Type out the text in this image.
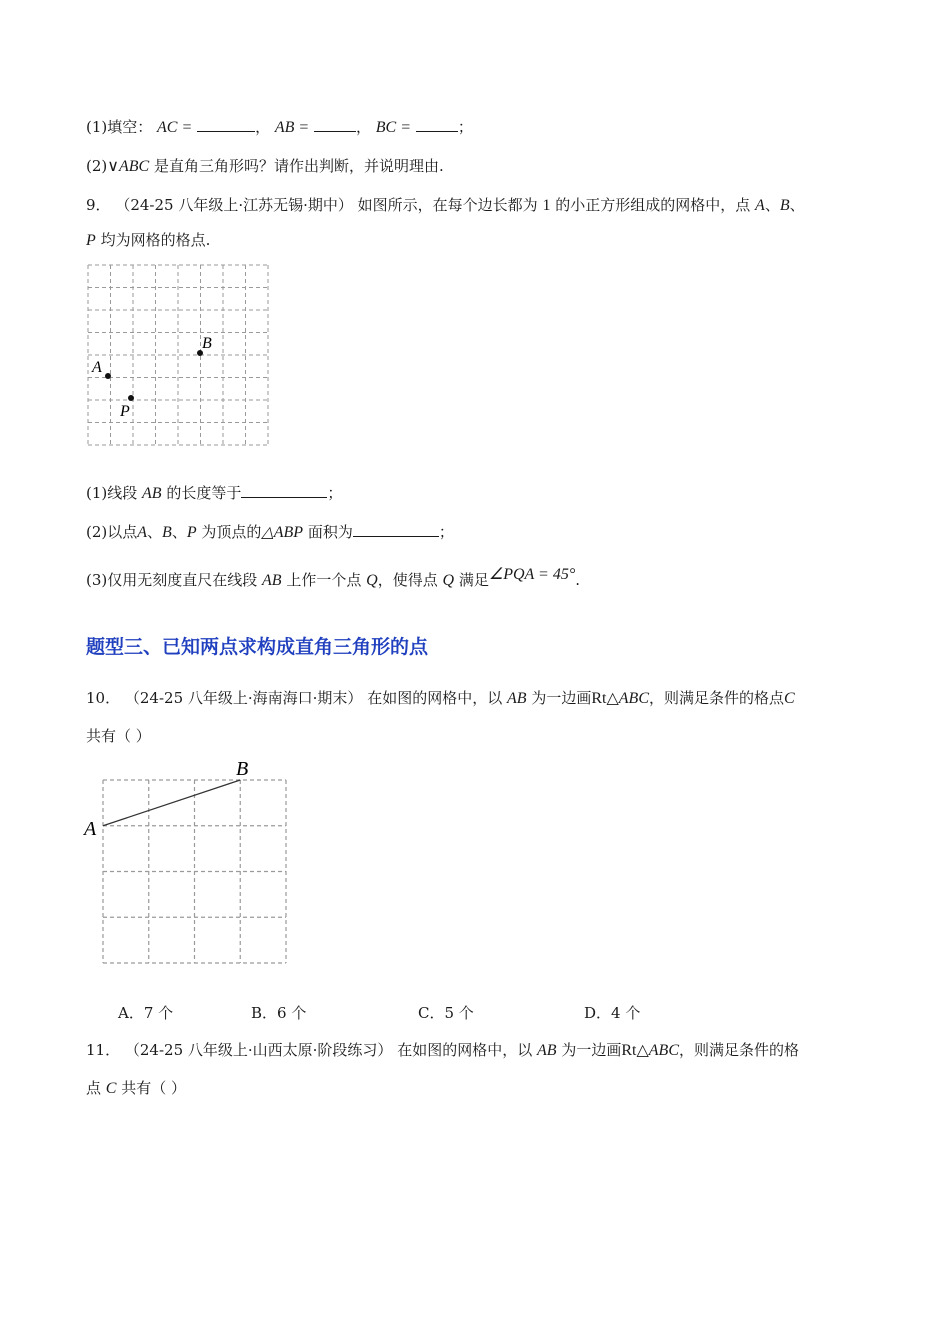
(1)填空： AC =	， AB =	， BC =	；
(2)∨ABC 是直角三角形吗？请作出判断，并说明理由.
9． （24-25 八年级上·江苏无锡·期中） 如图所示，在每个边长都为 1 的小正方形组成的网格中，点 A、B、
P 均为网格的格点.
A
B
P
(1)线段 AB 的长度等于	；
(2)以点A、B、P 为顶点的△ABP 面积为	；
(3)仅用无刻度直尺在线段 AB 上作一个点 Q，使得点 Q 满足∠PQA = 45°.
题型三、已知两点求构成直角三角形的点
10． （24-25 八年级上·海南海口·期末） 在如图的网格中，以 AB 为一边画Rt△ABC，则满足条件的格点C
共有（ ）
A
B
A．7 个	B．6 个	C．5 个	D．4 个
11． （24-25 八年级上·山西太原·阶段练习） 在如图的网格中，以 AB 为一边画Rt△ABC，则满足条件的格
点 C 共有（ ）
